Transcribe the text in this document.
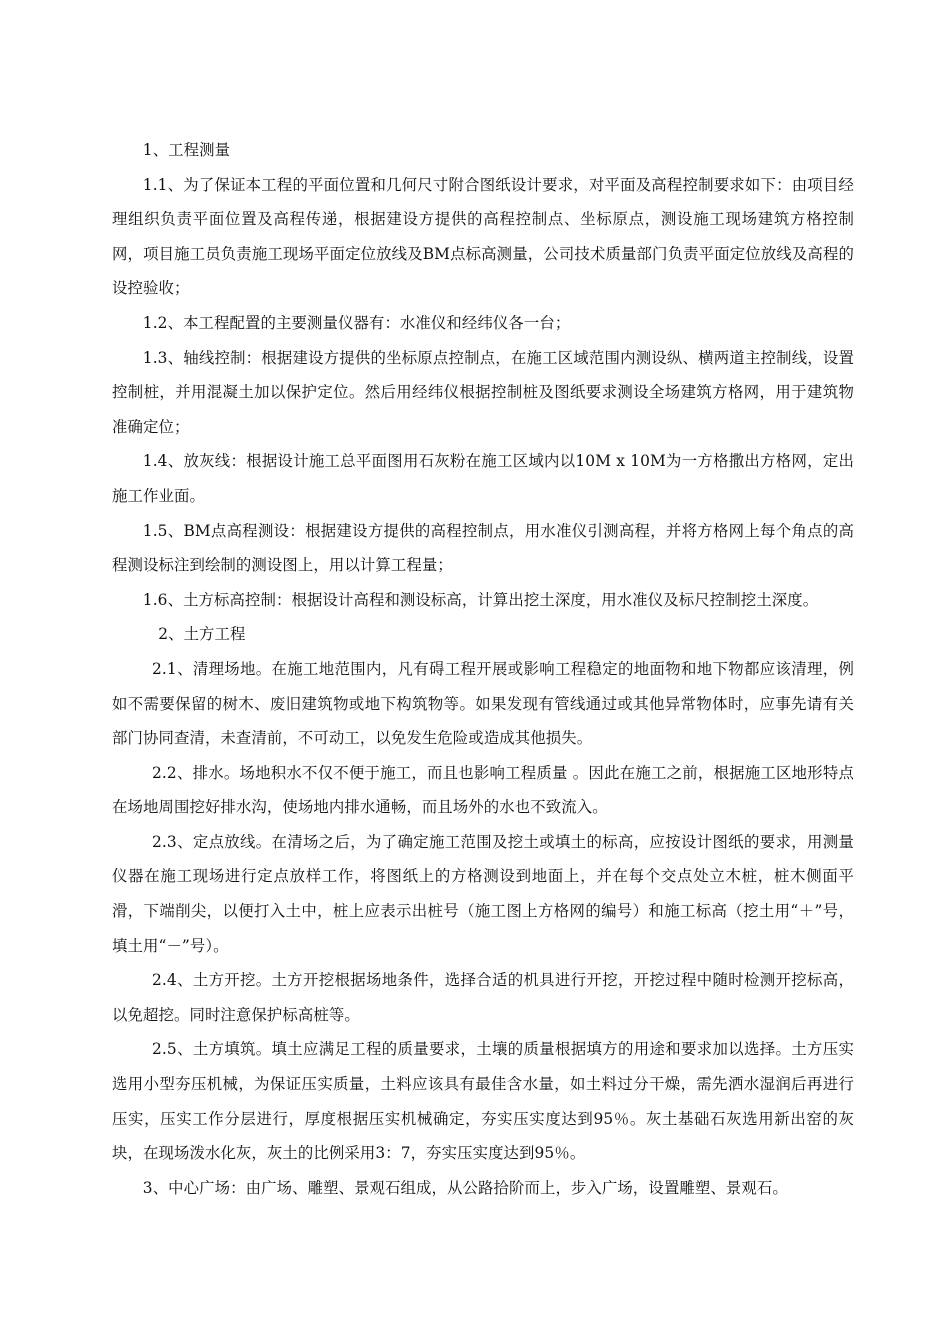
1、工程测量

1.1、为了保证本工程的平面位置和几何尺寸附合图纸设计要求，对平面及高程控制要求如下：由项目经理组织负责平面位置及高程传递，根据建设方提供的高程控制点、坐标原点，测设施工现场建筑方格控制网，项目施工员负责施工现场平面定位放线及BM点标高测量，公司技术质量部门负责平面定位放线及高程的设控验收；

1.2、本工程配置的主要测量仪器有：水准仪和经纬仪各一台；

1.3、轴线控制：根据建设方提供的坐标原点控制点，在施工区域范围内测设纵、横两道主控制线，设置控制桩，并用混凝土加以保护定位。然后用经纬仪根据控制桩及图纸要求测设全场建筑方格网，用于建筑物准确定位；

1.4、放灰线：根据设计施工总平面图用石灰粉在施工区域内以10M x 10M为一方格撒出方格网，定出施工作业面。

1.5、BM点高程测设：根据建设方提供的高程控制点，用水准仪引测高程，并将方格网上每个角点的高程测设标注到绘制的测设图上，用以计算工程量；

1.6、土方标高控制：根据设计高程和测设标高，计算出挖土深度，用水准仪及标尺控制挖土深度。

2、土方工程

2.1、清理场地。在施工地范围内，凡有碍工程开展或影响工程稳定的地面物和地下物都应该清理，例如不需要保留的树木、废旧建筑物或地下构筑物等。如果发现有管线通过或其他异常物体时，应事先请有关部门协同查清，未查清前，不可动工，以免发生危险或造成其他损失。

2.2、排水。场地积水不仅不便于施工，而且也影响工程质量 。因此在施工之前，根据施工区地形特点在场地周围挖好排水沟，使场地内排水通畅，而且场外的水也不致流入。

2.3、定点放线。在清场之后，为了确定施工范围及挖土或填土的标高，应按设计图纸的要求，用测量仪器在施工现场进行定点放样工作，将图纸上的方格测设到地面上，并在每个交点处立木桩，桩木侧面平滑，下端削尖，以便打入土中，桩上应表示出桩号（施工图上方格网的编号）和施工标高（挖土用“＋”号，填土用“－”号）。

2.4、土方开挖。土方开挖根据场地条件，选择合适的机具进行开挖，开挖过程中随时检测开挖标高，以免超挖。同时注意保护标高桩等。

2.5、土方填筑。填土应满足工程的质量要求，土壤的质量根据填方的用途和要求加以选择。土方压实选用小型夯压机械，为保证压实质量，土料应该具有最佳含水量，如土料过分干燥，需先洒水湿润后再进行压实，压实工作分层进行，厚度根据压实机械确定，夯实压实度达到95％。灰土基础石灰选用新出窑的灰块，在现场泼水化灰，灰土的比例采用3：7，夯实压实度达到95％。

3、中心广场：由广场、雕塑、景观石组成，从公路拾阶而上，步入广场，设置雕塑、景观石。
